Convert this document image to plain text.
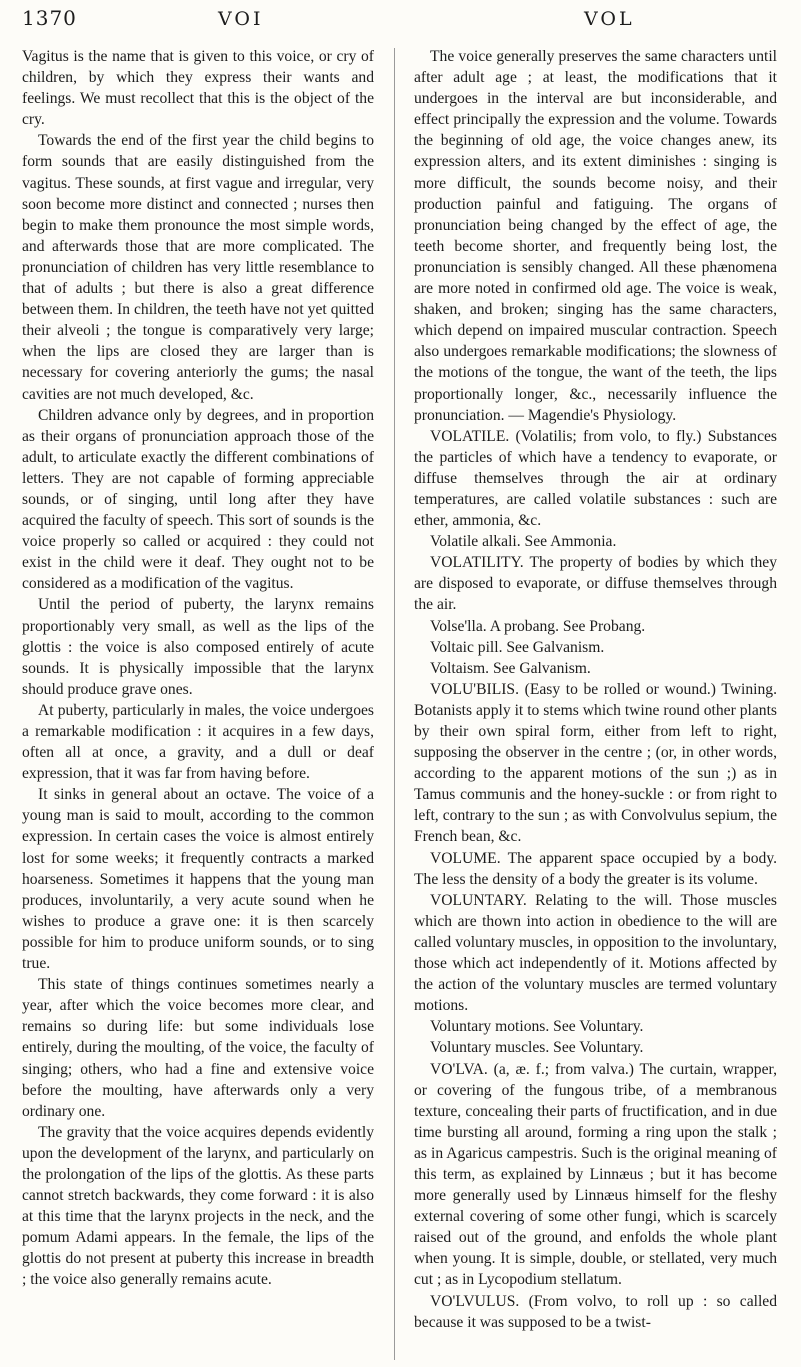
1370	VOI	VOL

Vagitus is the name that is given to this voice, or cry of children, by which they express their wants and feelings. We must recollect that this is the object of the cry.

Towards the end of the first year the child begins to form sounds that are easily distinguished from the vagitus. These sounds, at first vague and irregular, very soon become more distinct and connected ; nurses then begin to make them pronounce the most simple words, and afterwards those that are more complicated. The pronunciation of children has very little resemblance to that of adults ; but there is also a great difference between them. In children, the teeth have not yet quitted their alveoli ; the tongue is comparatively very large; when the lips are closed they are larger than is necessary for covering anteriorly the gums; the nasal cavities are not much developed, &c.

Children advance only by degrees, and in proportion as their organs of pronunciation approach those of the adult, to articulate exactly the different combinations of letters. They are not capable of forming appreciable sounds, or of singing, until long after they have acquired the faculty of speech. This sort of sounds is the voice properly so called or acquired : they could not exist in the child were it deaf. They ought not to be considered as a modification of the vagitus.

Until the period of puberty, the larynx remains proportionably very small, as well as the lips of the glottis : the voice is also composed entirely of acute sounds. It is physically impossible that the larynx should produce grave ones.

At puberty, particularly in males, the voice undergoes a remarkable modification : it acquires in a few days, often all at once, a gravity, and a dull or deaf expression, that it was far from having before.

It sinks in general about an octave. The voice of a young man is said to moult, according to the common expression. In certain cases the voice is almost entirely lost for some weeks; it frequently contracts a marked hoarseness. Sometimes it happens that the young man produces, involuntarily, a very acute sound when he wishes to produce a grave one: it is then scarcely possible for him to produce uniform sounds, or to sing true.

This state of things continues sometimes nearly a year, after which the voice becomes more clear, and remains so during life: but some individuals lose entirely, during the moulting, of the voice, the faculty of singing; others, who had a fine and extensive voice before the moulting, have afterwards only a very ordinary one.

The gravity that the voice acquires depends evidently upon the development of the larynx, and particularly on the prolongation of the lips of the glottis. As these parts cannot stretch backwards, they come forward : it is also at this time that the larynx projects in the neck, and the pomum Adami appears. In the female, the lips of the glottis do not present at puberty this increase in breadth ; the voice also generally remains acute.

The voice generally preserves the same characters until after adult age ; at least, the modifications that it undergoes in the interval are but inconsiderable, and effect principally the expression and the volume. Towards the beginning of old age, the voice changes anew, its expression alters, and its extent diminishes : singing is more difficult, the sounds become noisy, and their production painful and fatiguing. The organs of pronunciation being changed by the effect of age, the teeth become shorter, and frequently being lost, the pronunciation is sensibly changed. All these phænomena are more noted in confirmed old age. The voice is weak, shaken, and broken; singing has the same characters, which depend on impaired muscular contraction. Speech also undergoes remarkable modifications; the slowness of the motions of the tongue, the want of the teeth, the lips proportionally longer, &c., necessarily influence the pronunciation. — Magendie's Physiology.

VOLATILE. (Volatilis; from volo, to fly.) Substances the particles of which have a tendency to evaporate, or diffuse themselves through the air at ordinary temperatures, are called volatile substances : such are ether, ammonia, &c.

Volatile alkali. See Ammonia.

VOLATILITY. The property of bodies by which they are disposed to evaporate, or diffuse themselves through the air.

Volse'lla. A probang. See Probang.

Voltaic pill. See Galvanism.

Voltaism. See Galvanism.

VOLU'BILIS. (Easy to be rolled or wound.) Twining. Botanists apply it to stems which twine round other plants by their own spiral form, either from left to right, supposing the observer in the centre ; (or, in other words, according to the apparent motions of the sun ;) as in Tamus communis and the honey-suckle : or from right to left, contrary to the sun ; as with Convolvulus sepium, the French bean, &c.

VOLUME. The apparent space occupied by a body. The less the density of a body the greater is its volume.

VOLUNTARY. Relating to the will. Those muscles which are thown into action in obedience to the will are called voluntary muscles, in opposition to the involuntary, those which act independently of it. Motions affected by the action of the voluntary muscles are termed voluntary motions.

Voluntary motions. See Voluntary.

Voluntary muscles. See Voluntary.

VO'LVA. (a, æ. f.; from valva.) The curtain, wrapper, or covering of the fungous tribe, of a membranous texture, concealing their parts of fructification, and in due time bursting all around, forming a ring upon the stalk ; as in Agaricus campestris. Such is the original meaning of this term, as explained by Linnæus ; but it has become more generally used by Linnæus himself for the fleshy external covering of some other fungi, which is scarcely raised out of the ground, and enfolds the whole plant when young. It is simple, double, or stellated, very much cut ; as in Lycopodium stellatum.

VO'LVULUS. (From volvo, to roll up : so called because it was supposed to be a twist-
